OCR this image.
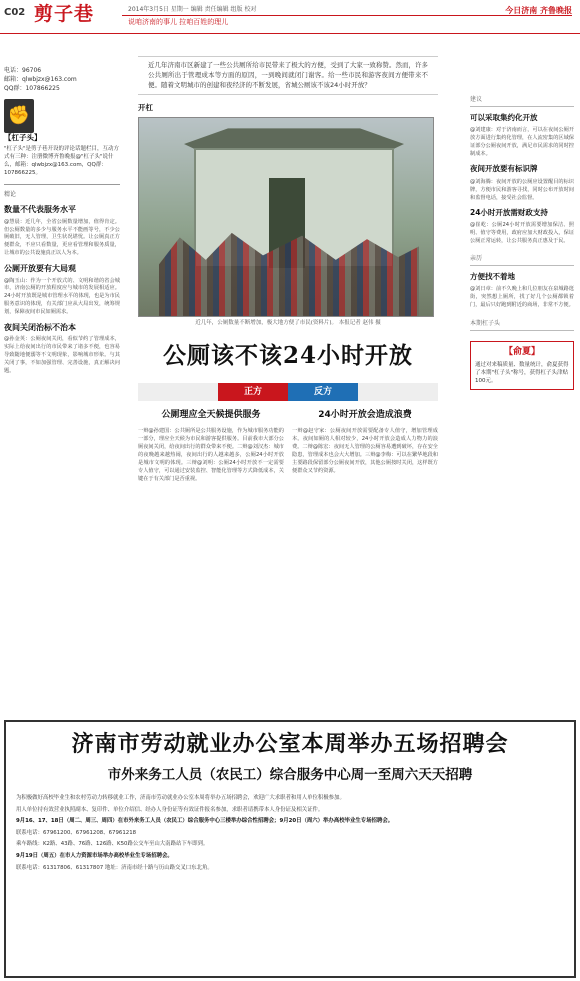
C02 剪子巷	2014年3月5日 星期一 编辑 责任编辑 组版 校对
说咱济南的事儿 拉咱百姓的理儿
今日济南 齐鲁晚报
电话：96706
邮箱：qlwbjzx@163.com
QQ群：107866225
✊
【杠子头】
"杠子头"是剪子巷开设的评论话题栏目，互动方式有三种：注册微博齐鲁晚报@"杠子头"说什么，邮箱：qlwbjzx@163.com，QQ群：107866225。
精论
数量不代表服务水平
@慧晨：近几年，全省公厕数量增加，值得肯定。但公厕数量的多少与服务水平不能画等号，不少公厕破旧，无人管理，卫生状况堪忧。让公厕真正方便群众，不应只看数量，更应看管理和服务质量，让城市的公共设施真正以人为本。
公厕开放要有大局观
@陶玉山：作为一个开放式的、文明和谐的省会城市，济南公厕的开放程度应与城市的发展相适应。24小时开放既是城市管理水平的体现，也是为市民服务意识的体现，有关部门应从大局出发，统筹规划，保障夜间市民如厕需求。
夜间关闭治标不治本
@孙金英：公厕夜间关闭，看似节约了管理成本，实际上给夜间出行的市民带来了诸多不便，也容易导致随地便溺等不文明现象，影响城市形象。与其关闭了事，不如加强管理、完善设施，真正解决问题。
近几年济南市区新建了一些公共厕所给市民带来了极大的方便，受到了大家一致称赞。然而，许多公共厕所出于管理成本等方面的原因，一到晚间就闭门谢客。给一些市民和游客夜间方便带来不便。随着文明城市的创建和夜经济的不断发展，省城公厕该不该24小时开放？
开杠
近几年，公厕数量不断增加，极大地方便了市民(资料片)。 本报记者 赵伟 摄
公厕该不该24小时开放
正方	反方
公厕理应全天候提供服务
一辩@孙建国：公共厕所是公共服务设施，作为城市服务功能的一部分，理应全天候为市民和游客提供服务。目前我市大部分公厕夜间关闭，给夜间出行的群众带来不便。二辩@刘汉杰：城市的夜晚越来越热闹，夜间出行的人越来越多，公厕24小时开放是城市文明的体现。三辩@刘明：公厕24小时开放不一定需要专人值守，可以通过安装监控、智能化管理等方式降低成本，关键在于有关部门是否重视。
24小时开放会造成浪费
一辩@赵守家：公厕夜间开放需要配备专人值守，增加管理成本。夜间如厕的人相对较少，24小时开放会造成人力物力的浪费。二辩@陈宏：夜间无人管理的公厕容易遭到破坏，存在安全隐患，管理成本也会大大增加。三辩@李梅：可以在繁华地段和主要路段保留部分公厕夜间开放，其他公厕按时关闭，这样既方便群众又节约资源。
建议
可以采取集约化开放
@刘建康：对于济南而言，可以在夜间公厕开放方面进行集约化管理，在人流密集的区域保证部分公厕夜间开放，满足市民需求的同时控制成本。
夜间开放要有标识牌
@刘海腾：夜间开放的公厕应设置醒目的标识牌，方便市民和游客寻找，同时公布开放时间和监督电话，接受社会监督。
24小时开放需财政支持
@崔屹：公厕24小时开放需要增加保洁、照明、值守等费用，政府应加大财政投入，保证公厕正常运转，让公共服务真正惠及于民。
亲历
方便找不着地
@刘日章：前不久晚上和几位朋友在泉城路逛街，突然想上厕所，找了好几个公厕都锁着门，最后只好跑到附近的商场，非常不方便。
本期杠子头
【俞夏】
通过对来稿质量、数量统计，俞夏获得了本期"杠子头"称号，获得杠子头津贴100元。
济南市劳动就业办公室本周举办五场招聘会
市外来务工人员（农民工）综合服务中心周一至周六天天招聘

为积极做好高校毕业生和农村劳动力转移就业工作，济南市劳动就业办公室本周将举办五场招聘会，欢迎广大求职者和用人单位积极参加。

用人单位持有效营业执照副本、复印件、单位介绍信、经办人身份证等有效证件报名参加，求职者请携带本人身份证及相关证件。

9月16、17、18日（周二、周三、周四）在市外来务工人员（农民工）综合服务中心三楼举办综合性招聘会；9月20日（周六）举办高校毕业生专场招聘会。

联系电话：67961200、67961208、67961218

乘车路线：K2路、43路、76路、126路、K50路公交车至山大南路站下车即到。

9月19日（周五）在市人力资源市场举办高校毕业生专场招聘会。

联系电话：61317806、61317807 地址：济南市经十路与历山路交叉口东北角。
